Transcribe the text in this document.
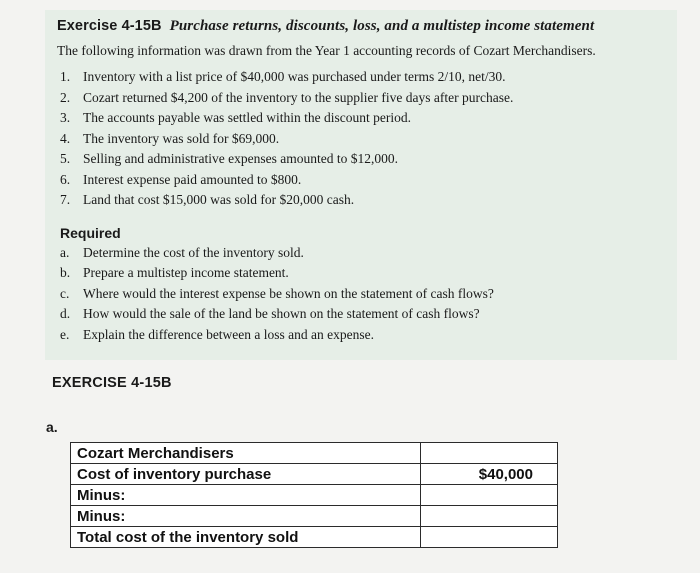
Exercise 4-15B Purchase returns, discounts, loss, and a multistep income statement
The following information was drawn from the Year 1 accounting records of Cozart Merchandisers.
1. Inventory with a list price of $40,000 was purchased under terms 2/10, net/30.
2. Cozart returned $4,200 of the inventory to the supplier five days after purchase.
3. The accounts payable was settled within the discount period.
4. The inventory was sold for $69,000.
5. Selling and administrative expenses amounted to $12,000.
6. Interest expense paid amounted to $800.
7. Land that cost $15,000 was sold for $20,000 cash.
Required
a. Determine the cost of the inventory sold.
b. Prepare a multistep income statement.
c. Where would the interest expense be shown on the statement of cash flows?
d. How would the sale of the land be shown on the statement of cash flows?
e. Explain the difference between a loss and an expense.
EXERCISE 4-15B
a.
Cozart Merchandisers	
Cost of inventory purchase	$40,000
Minus:	
Minus:	
Total cost of the inventory sold	
